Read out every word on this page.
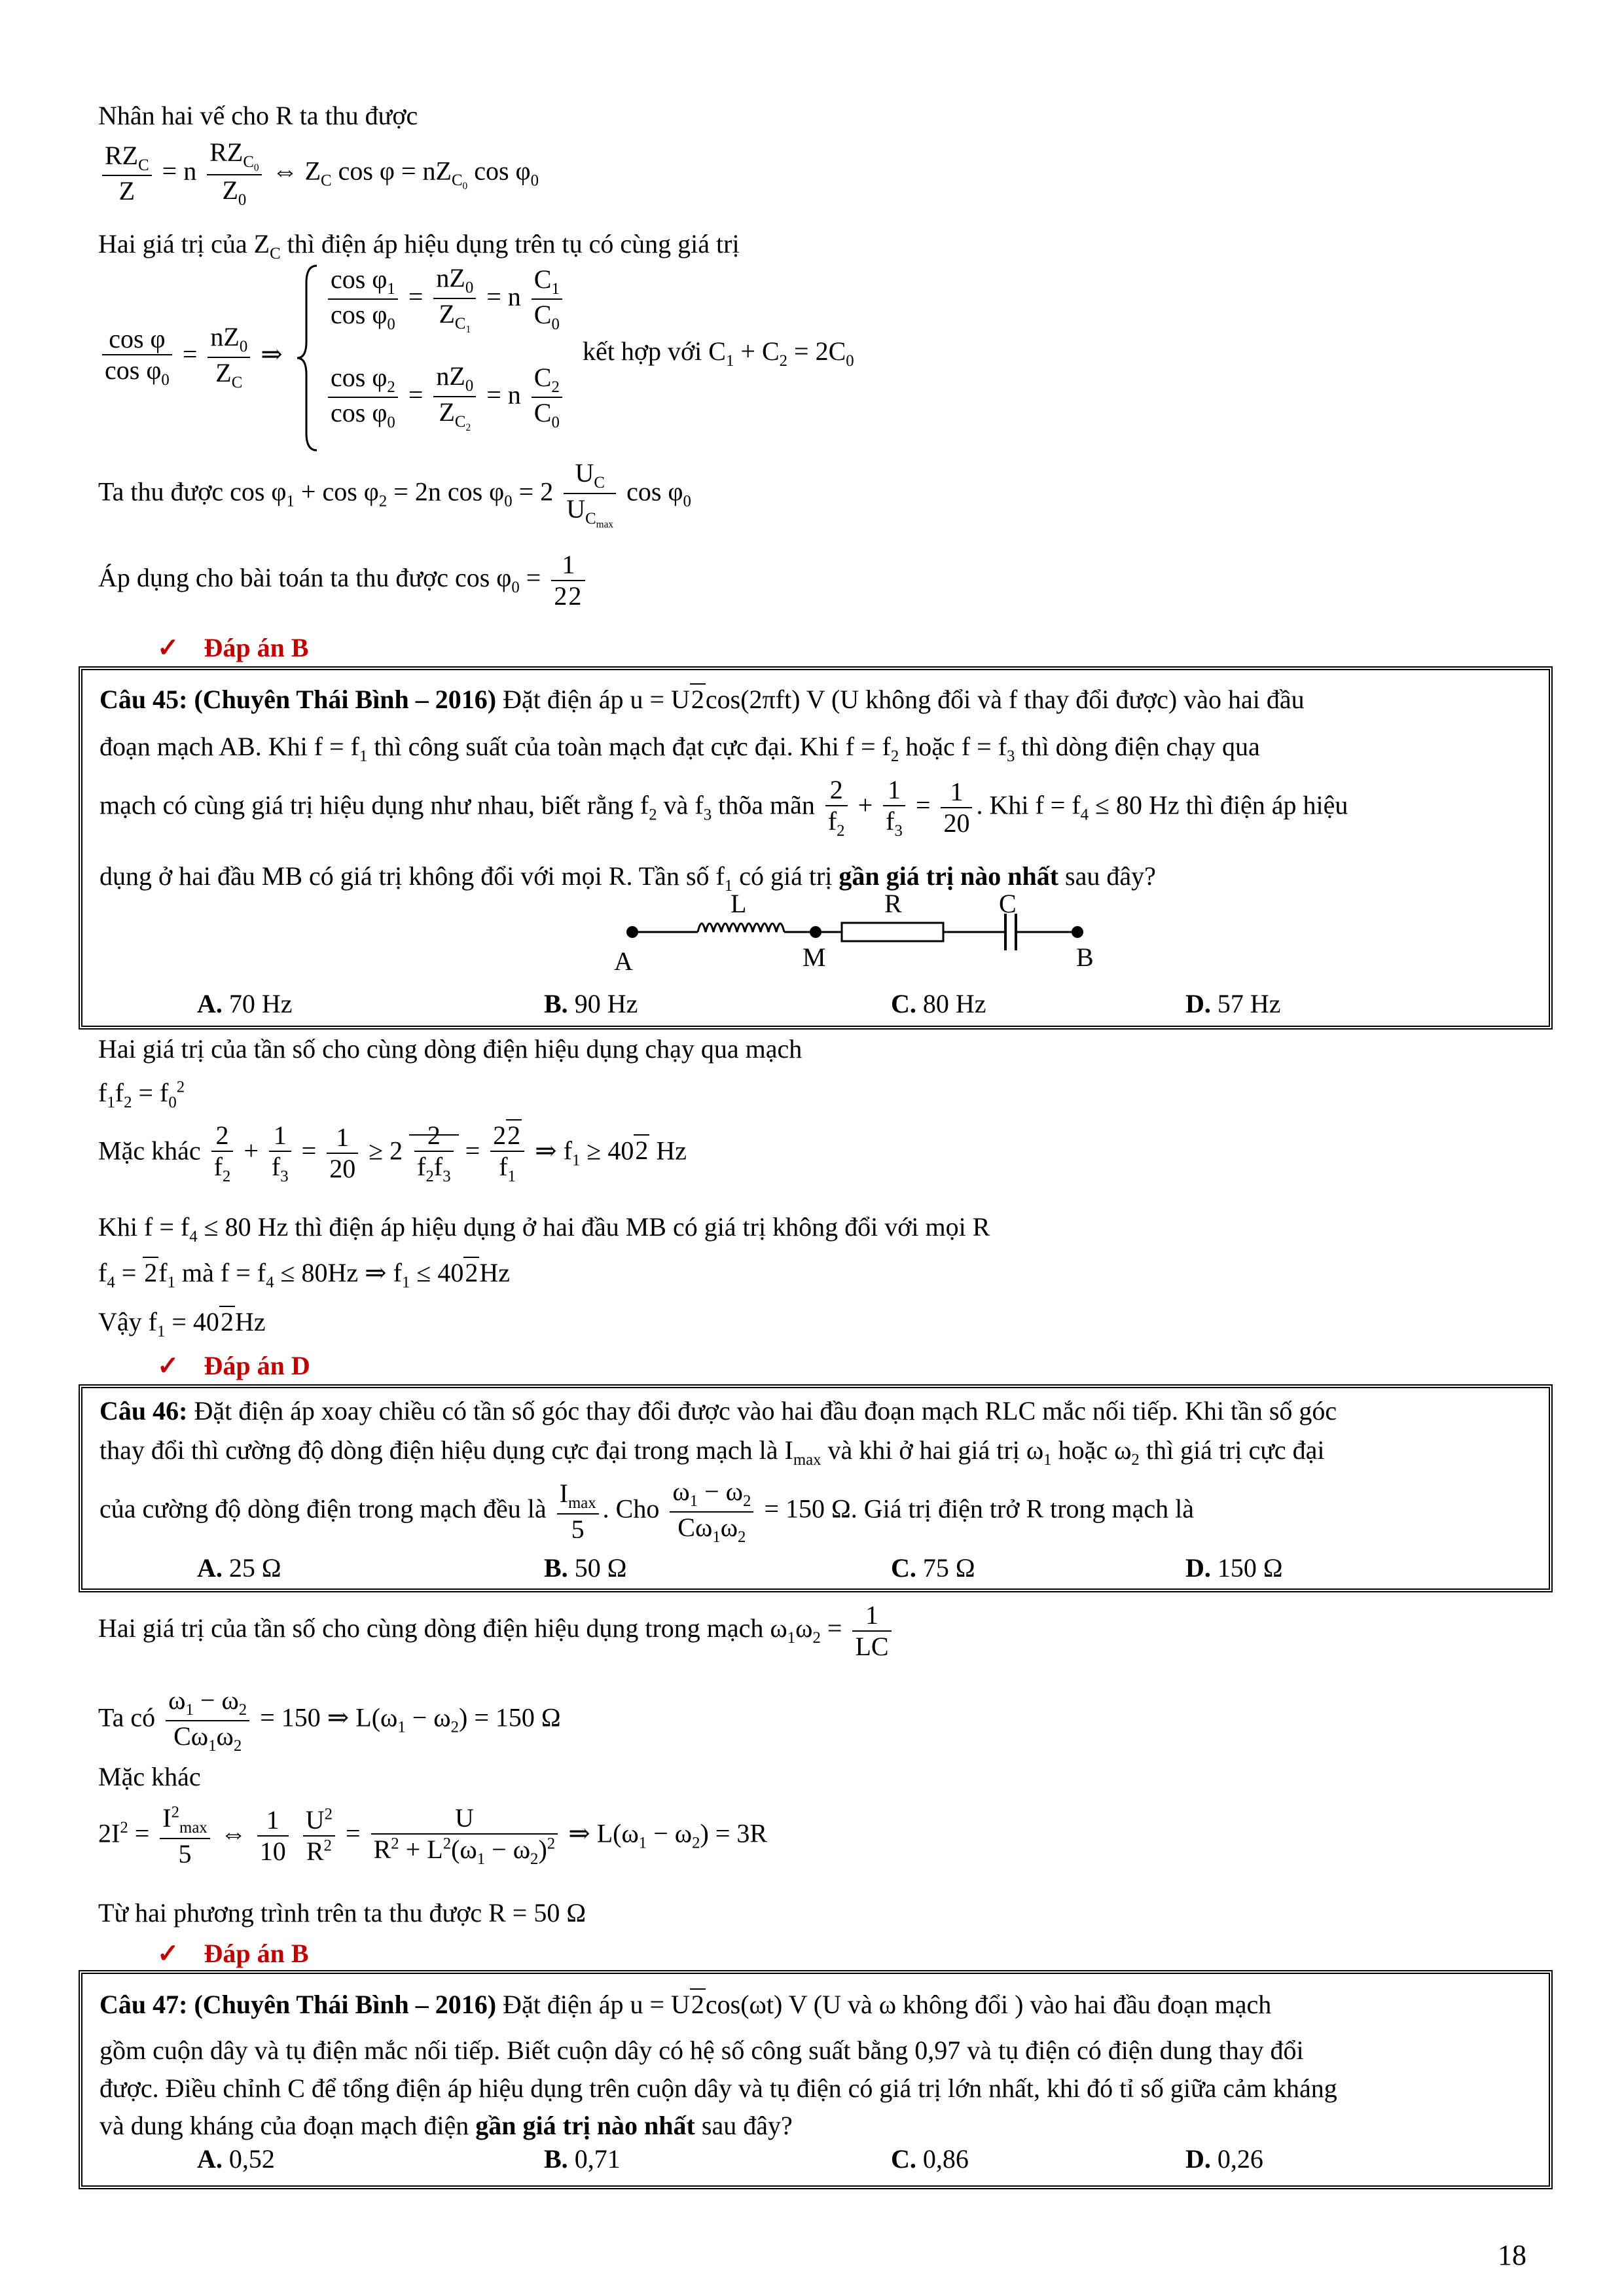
Nhân hai vế cho R ta thu được
$\frac{RZ_C}{Z} = n \frac{RZ_{C_0}}{Z_0}$ ⇔ $Z_C$ $\cos \varphi = nZ_{C_0}$ $\cos \varphi_0$
Hai giá trị của $Z_C$ thì điện áp hiệu dụng trên tụ có cùng giá trị
$\frac{\text{cos φ}}{\cos \varphi_0} = \frac{nZ_0}{Z_C}$ ⇒
$\frac{\cos \varphi_1}{\cos \varphi_0} = \frac{nZ_0}{Z_{C_1}} = n \frac{C_1}{C_0}$
$\frac{\cos \varphi_2}{\cos \varphi_0} = \frac{nZ_0}{Z_{C_2}} = n \frac{C_2}{C_0}$
kết hợp với $C_1 + C_2 = 2C_0$
Ta thu được $\cos \varphi_1 + \cos \varphi_2 = 2n$ $\cos \varphi_0 = 2 \frac{U_C}{U_{C_{max}}}$ $\cos \varphi_0$
Áp dụng cho bài toán ta thu được $\cos \varphi_0 = \frac{1}{22}$
✓ Đáp án B
Câu 45: (Chuyên Thái Bình – 2016) Đặt điện áp u = U2cos(2πft) V (U không đổi và f thay đổi được) vào hai đầu
đoạn mạch AB. Khi $f = f_1$ thì công suất của toàn mạch đạt cực đại. Khi $f = f_2$ hoặc $f = f_3$ thì dòng điện chạy qua
mạch có cùng giá trị hiệu dụng như nhau, biết rằng $f_2$ và $f_3$ thõa mãn $\frac{2}{f_2} + \frac{1}{f_3} = \frac{1}{20}$ . Khi $f = f_4 \le 80$ Hz thì điện áp hiệu
dụng ở hai đầu MB có giá trị không đổi với mọi R. Tần số $f_1$ có giá trị gần giá trị nào nhất sau đây?
L	R	C
A	M	B
A. 70 Hz	B. 90 Hz	C. 80 Hz	D. 57 Hz
Hai giá trị của tần số cho cùng dòng điện hiệu dụng chạy qua mạch
$f_1f_2 = f_0^2$
Mặc khác $\frac{2}{f_2} + \frac{1}{f_3} = \frac{1}{20} \ge 2 \frac{2}{f_2f_3} = \frac{22}{f_1}$ ⇒ $f_1 \ge 402$ Hz
Khi $f = f_4 \le 80$ Hz thì điện áp hiệu dụng ở hai đầu MB có giá trị không đổi với mọi R
$f_4 = 2f_1$ mà $f = f_4 \le 80Hz$ ⇒ $f_1 \le 402Hz$
Vậy $f_1 = 402Hz$
✓ Đáp án D
Câu 46: Đặt điện áp xoay chiều có tần số góc thay đổi được vào hai đầu đoạn mạch RLC mắc nối tiếp. Khi tần số góc
thay đổi thì cường độ dòng điện hiệu dụng cực đại trong mạch là $I_{max}$ và khi ở hai giá trị $\omega_1$ hoặc $\omega_2$ thì giá trị cực đại
của cường độ dòng điện trong mạch đều là $\frac{I_{max}}{5}$ . Cho $\frac{\omega_1 - \omega_2}{C\omega_1\omega_2} = 150$ Ω. Giá trị điện trở R trong mạch là
A. 25 Ω	B. 50 Ω	C. 75 Ω	D. 150 Ω
Hai giá trị của tần số cho cùng dòng điện hiệu dụng trong mạch $\omega_1\omega_2 = \frac{1}{LC}$
Ta có $\frac{\omega_1 - \omega_2}{C\omega_1\omega_2} = 150$ ⇒ $L(\omega_1 - \omega_2) = 150$ Ω
Mặc khác
$2I^2 = \frac{I^2_{max}}{5}$ ⇔ $\frac{1}{10}$
$\frac{U^2}{R^2} = \frac{U}{R^2 + L^2(\omega_1 - \omega_2)^2}$ ⇒ $L(\omega_1 - \omega_2) = 3R$
Từ hai phương trình trên ta thu được R = 50 Ω
✓ Đáp án B
Câu 47: (Chuyên Thái Bình – 2016) Đặt điện áp u = U2cos(ωt) V (U và ω không đổi ) vào hai đầu đoạn mạch
gồm cuộn dây và tụ điện mắc nối tiếp. Biết cuộn dây có hệ số công suất bằng 0,97 và tụ điện có điện dung thay đổi
được. Điều chỉnh C để tổng điện áp hiệu dụng trên cuộn dây và tụ điện có giá trị lớn nhất, khi đó tỉ số giữa cảm kháng
và dung kháng của đoạn mạch điện gần giá trị nào nhất sau đây?
A. 0,52	B. 0,71	C. 0,86	D. 0,26
18
